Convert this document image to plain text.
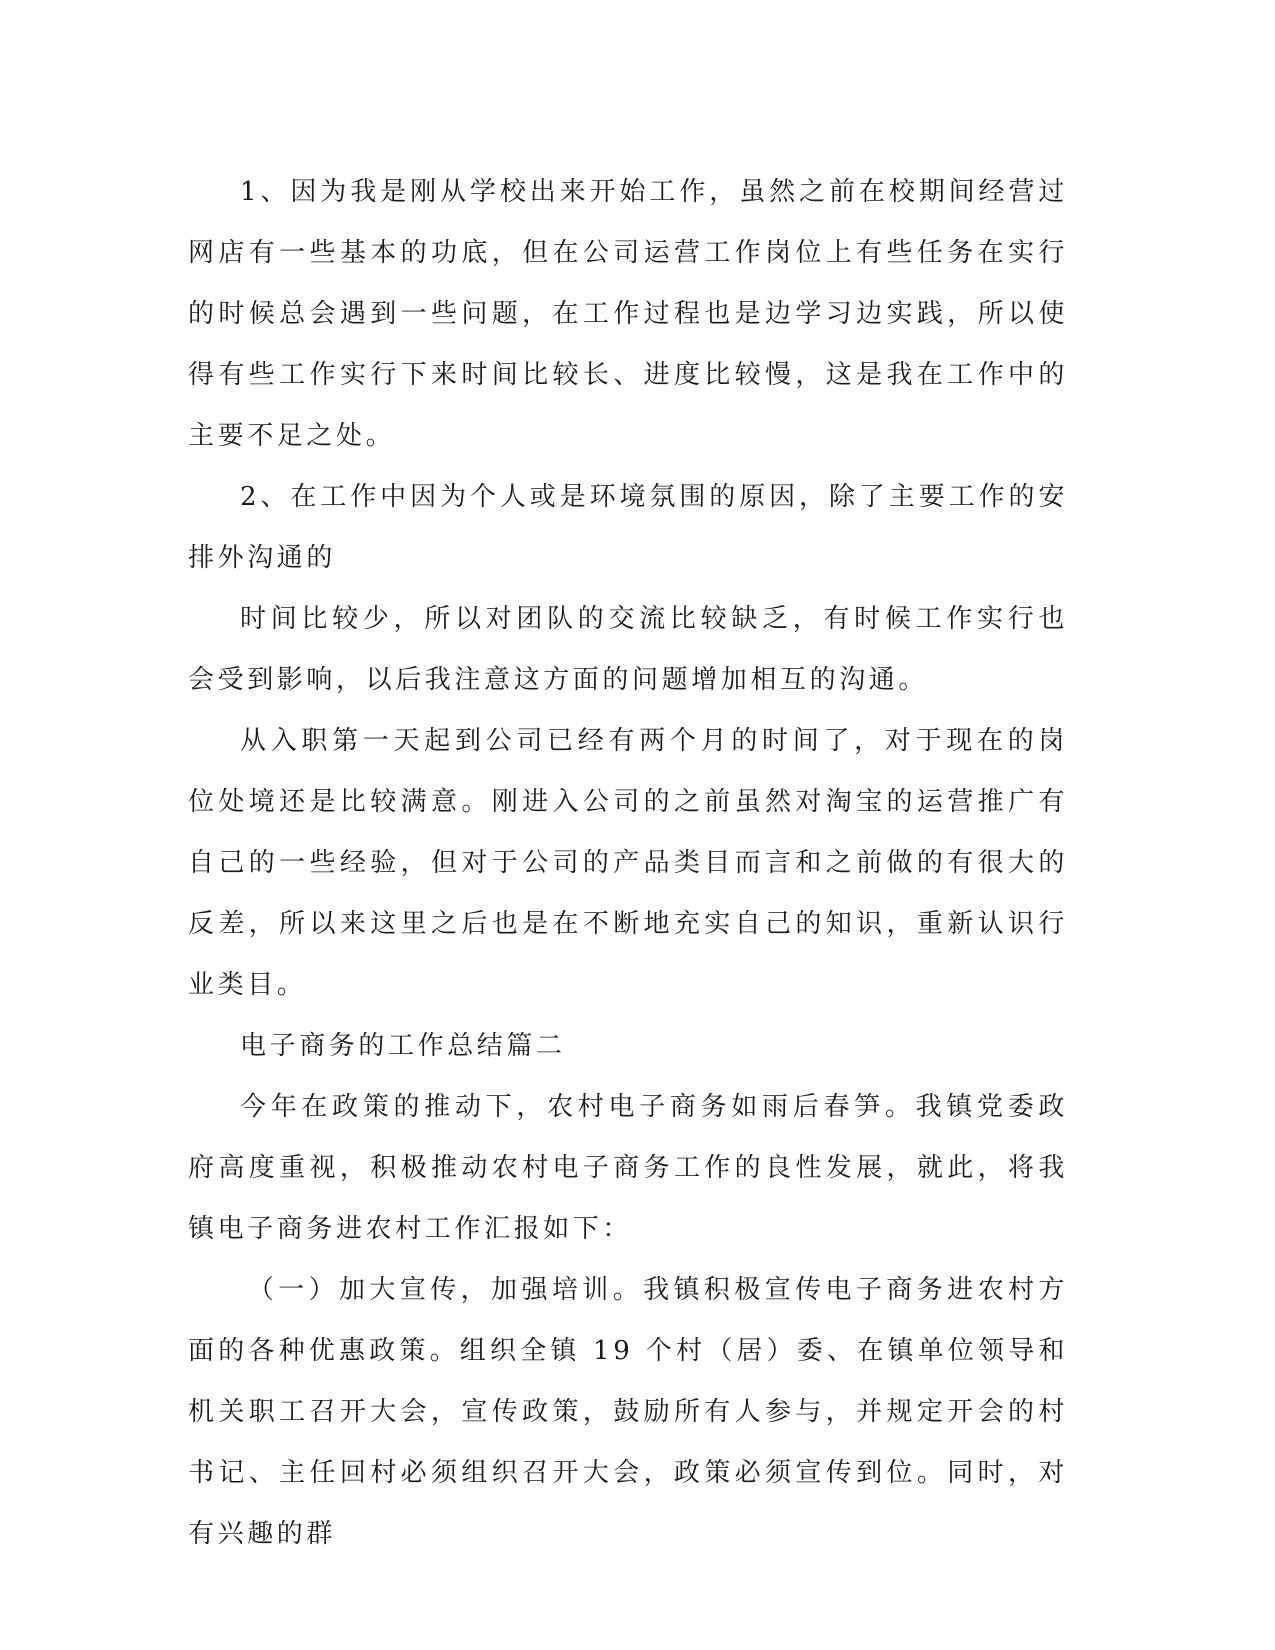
1、因为我是刚从学校出来开始工作，虽然之前在校期间经营过网店有一些基本的功底，但在公司运营工作岗位上有些任务在实行的时候总会遇到一些问题，在工作过程也是边学习边实践，所以使得有些工作实行下来时间比较长、进度比较慢，这是我在工作中的主要不足之处。

2、在工作中因为个人或是环境氛围的原因，除了主要工作的安排外沟通的

时间比较少，所以对团队的交流比较缺乏，有时候工作实行也会受到影响，以后我注意这方面的问题增加相互的沟通。

从入职第一天起到公司已经有两个月的时间了，对于现在的岗位处境还是比较满意。刚进入公司的之前虽然对淘宝的运营推广有自己的一些经验，但对于公司的产品类目而言和之前做的有很大的反差，所以来这里之后也是在不断地充实自己的知识，重新认识行业类目。

电子商务的工作总结篇二

今年在政策的推动下，农村电子商务如雨后春笋。我镇党委政府高度重视，积极推动农村电子商务工作的良性发展，就此，将我镇电子商务进农村工作汇报如下：

（一）加大宣传，加强培训。我镇积极宣传电子商务进农村方面的各种优惠政策。组织全镇 19 个村（居）委、在镇单位领导和机关职工召开大会，宣传政策，鼓励所有人参与，并规定开会的村书记、主任回村必须组织召开大会，政策必须宣传到位。同时，对有兴趣的群
